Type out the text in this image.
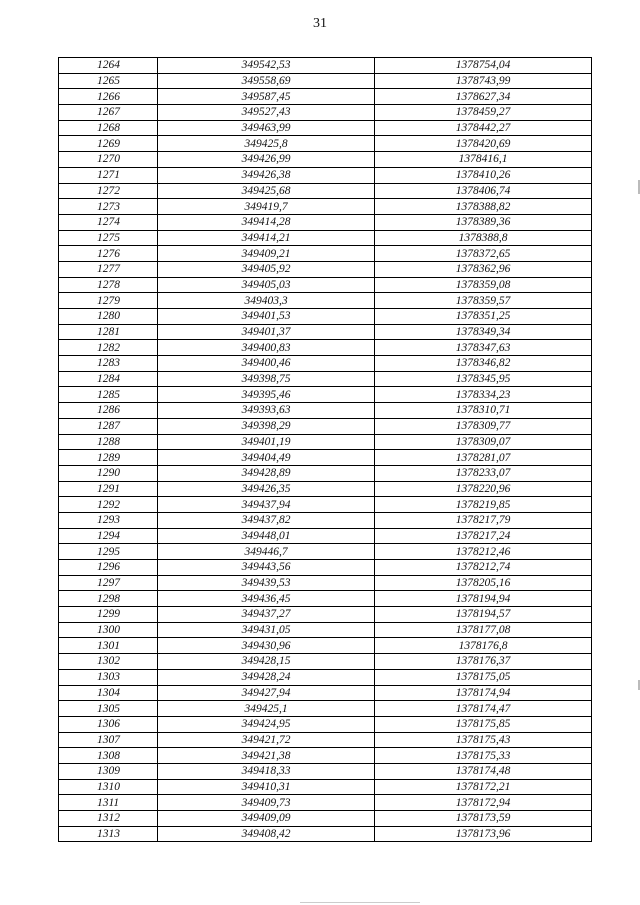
31
1264	349542,53	1378754,04
1265	349558,69	1378743,99
1266	349587,45	1378627,34
1267	349527,43	1378459,27
1268	349463,99	1378442,27
1269	349425,8	1378420,69
1270	349426,99	1378416,1
1271	349426,38	1378410,26
1272	349425,68	1378406,74
1273	349419,7	1378388,82
1274	349414,28	1378389,36
1275	349414,21	1378388,8
1276	349409,21	1378372,65
1277	349405,92	1378362,96
1278	349405,03	1378359,08
1279	349403,3	1378359,57
1280	349401,53	1378351,25
1281	349401,37	1378349,34
1282	349400,83	1378347,63
1283	349400,46	1378346,82
1284	349398,75	1378345,95
1285	349395,46	1378334,23
1286	349393,63	1378310,71
1287	349398,29	1378309,77
1288	349401,19	1378309,07
1289	349404,49	1378281,07
1290	349428,89	1378233,07
1291	349426,35	1378220,96
1292	349437,94	1378219,85
1293	349437,82	1378217,79
1294	349448,01	1378217,24
1295	349446,7	1378212,46
1296	349443,56	1378212,74
1297	349439,53	1378205,16
1298	349436,45	1378194,94
1299	349437,27	1378194,57
1300	349431,05	1378177,08
1301	349430,96	1378176,8
1302	349428,15	1378176,37
1303	349428,24	1378175,05
1304	349427,94	1378174,94
1305	349425,1	1378174,47
1306	349424,95	1378175,85
1307	349421,72	1378175,43
1308	349421,38	1378175,33
1309	349418,33	1378174,48
1310	349410,31	1378172,21
1311	349409,73	1378172,94
1312	349409,09	1378173,59
1313	349408,42	1378173,96
